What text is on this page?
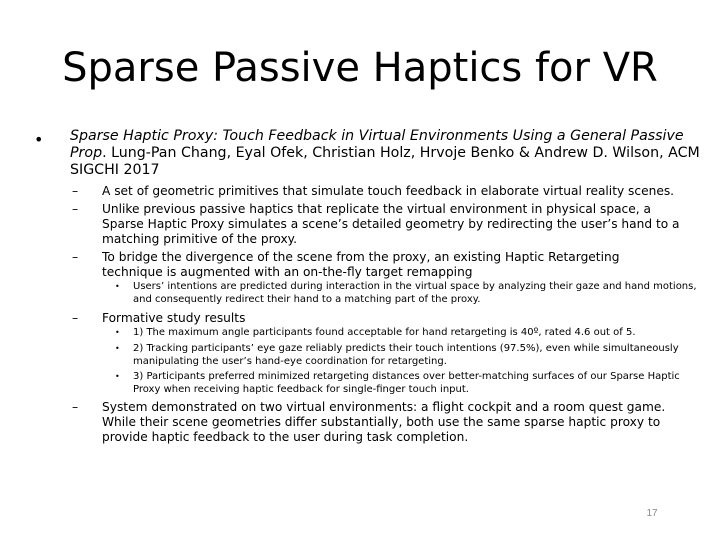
Sparse Passive Haptics for VR
• Sparse Haptic Proxy: Touch Feedback in Virtual Environments Using a General Passive Prop. Lung-Pan Chang, Eyal Ofek, Christian Holz, Hrvoje Benko & Andrew D. Wilson, ACM SIGCHI 2017
– A set of geometric primitives that simulate touch feedback in elaborate virtual reality scenes.
– Unlike previous passive haptics that replicate the virtual environment in physical space, a Sparse Haptic Proxy simulates a scene’s detailed geometry by redirecting the user’s hand to a matching primitive of the proxy.
– To bridge the divergence of the scene from the proxy, an existing Haptic Retargeting technique is augmented with an on-the-fly target remapping
• Users’ intentions are predicted during interaction in the virtual space by analyzing their gaze and hand motions, and consequently redirect their hand to a matching part of the proxy.
– Formative study results
• 1) The maximum angle participants found acceptable for hand retargeting is 40º, rated 4.6 out of 5.
• 2) Tracking participants’ eye gaze reliably predicts their touch intentions (97.5%), even while simultaneously manipulating the user’s hand-eye coordination for retargeting.
• 3) Participants preferred minimized retargeting distances over better-matching surfaces of our Sparse Haptic Proxy when receiving haptic feedback for single-finger touch input.
– System demonstrated on two virtual environments: a flight cockpit and a room quest game. While their scene geometries differ substantially, both use the same sparse haptic proxy to provide haptic feedback to the user during task completion.
17
